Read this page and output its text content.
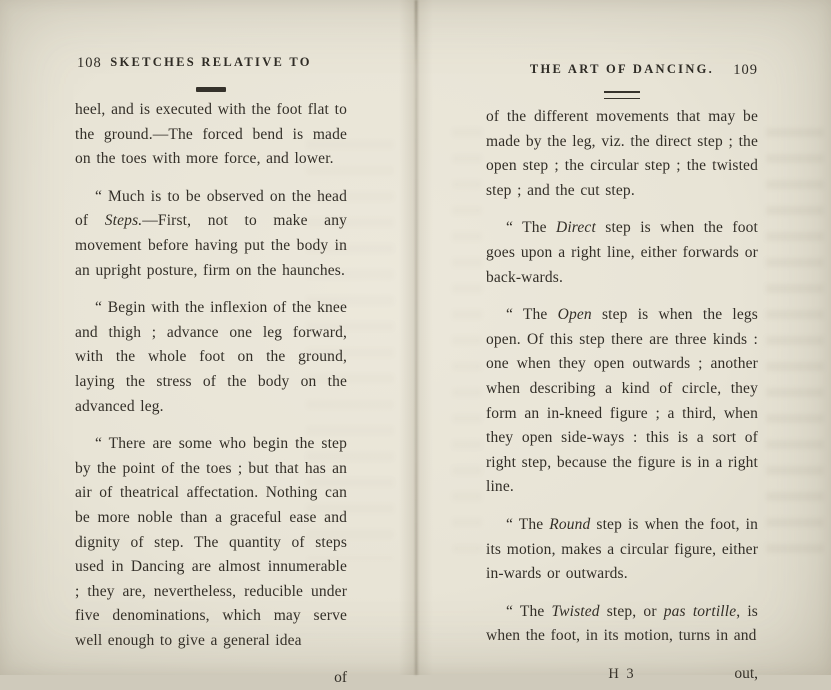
108 SKETCHES RELATIVE TO

heel, and is executed with the foot flat to the ground.—The forced bend is made on the toes with more force, and lower.

“ Much is to be observed on the head of Steps.—First, not to make any movement before having put the body in an upright posture, firm on the haunches.

“ Begin with the inflexion of the knee and thigh ; advance one leg forward, with the whole foot on the ground, laying the stress of the body on the advanced leg.

“ There are some who begin the step by the point of the toes ; but that has an air of theatrical affectation. Nothing can be more noble than a graceful ease and dignity of step. The quantity of steps used in Dancing are almost innumerable ; they are, nevertheless, reducible under five denominations, which may serve well enough to give a general idea

of
THE ART OF DANCING.	109

of the different movements that may be made by the leg, viz. the direct step ; the open step ; the circular step ; the twisted step ; and the cut step.

“ The Direct step is when the foot goes upon a right line, either forwards or back-wards.

“ The Open step is when the legs open. Of this step there are three kinds : one when they open outwards ; another when describing a kind of circle, they form an in-kneed figure ; a third, when they open side-ways : this is a sort of right step, because the figure is in a right line.

“ The Round step is when the foot, in its motion, makes a circular figure, either in-wards or outwards.

“ The Twisted step, or pas tortille, is when the foot, in its motion, turns in and

H 3	out,
